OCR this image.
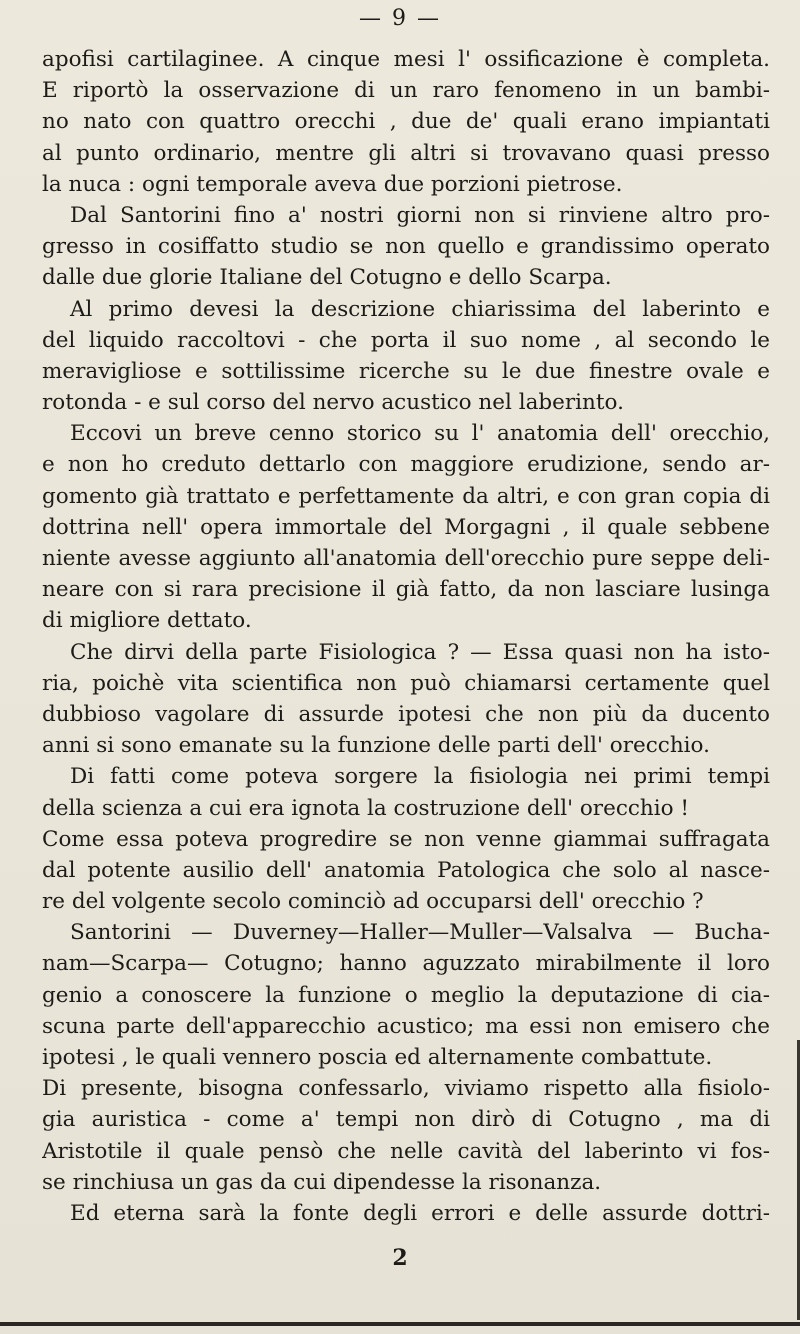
— 9 —
apofisi cartilaginee. A cinque mesi l' ossificazione è completa.
E riportò la osservazione di un raro fenomeno in un bambi-
no nato con quattro orecchi , due de' quali erano impiantati
al punto ordinario, mentre gli altri si trovavano quasi presso
la nuca : ogni temporale aveva due porzioni pietrose.
Dal Santorini fino a' nostri giorni non si rinviene altro pro-
gresso in cosiffatto studio se non quello e grandissimo operato
dalle due glorie Italiane del Cotugno e dello Scarpa.
Al primo devesi la descrizione chiarissima del laberinto e
del liquido raccoltovi - che porta il suo nome , al secondo le
meravigliose e sottilissime ricerche su le due finestre ovale e
rotonda - e sul corso del nervo acustico nel laberinto.
Eccovi un breve cenno storico su l' anatomia dell' orecchio,
e non ho creduto dettarlo con maggiore erudizione, sendo ar-
gomento già trattato e perfettamente da altri, e con gran copia di
dottrina nell' opera immortale del Morgagni , il quale sebbene
niente avesse aggiunto all'anatomia dell'orecchio pure seppe deli-
neare con si rara precisione il già fatto, da non lasciare lusinga
di migliore dettato.
Che dirvi della parte Fisiologica ? — Essa quasi non ha isto-
ria, poichè vita scientifica non può chiamarsi certamente quel
dubbioso vagolare di assurde ipotesi che non più da ducento
anni si sono emanate su la funzione delle parti dell' orecchio.
Di fatti come poteva sorgere la fisiologia nei primi tempi
della scienza a cui era ignota la costruzione dell' orecchio !
Come essa poteva progredire se non venne giammai suffragata
dal potente ausilio dell' anatomia Patologica che solo al nasce-
re del volgente secolo cominciò ad occuparsi dell' orecchio ?
Santorini — Duverney—Haller—Muller—Valsalva — Bucha-
nam—Scarpa— Cotugno; hanno aguzzato mirabilmente il loro
genio a conoscere la funzione o meglio la deputazione di cia-
scuna parte dell'apparecchio acustico; ma essi non emisero che
ipotesi , le quali vennero poscia ed alternamente combattute.
Di presente, bisogna confessarlo, viviamo rispetto alla fisiolo-
gia auristica - come a' tempi non dirò di Cotugno , ma di
Aristotile il quale pensò che nelle cavità del laberinto vi fos-
se rinchiusa un gas da cui dipendesse la risonanza.
Ed eterna sarà la fonte degli errori e delle assurde dottri-
2
